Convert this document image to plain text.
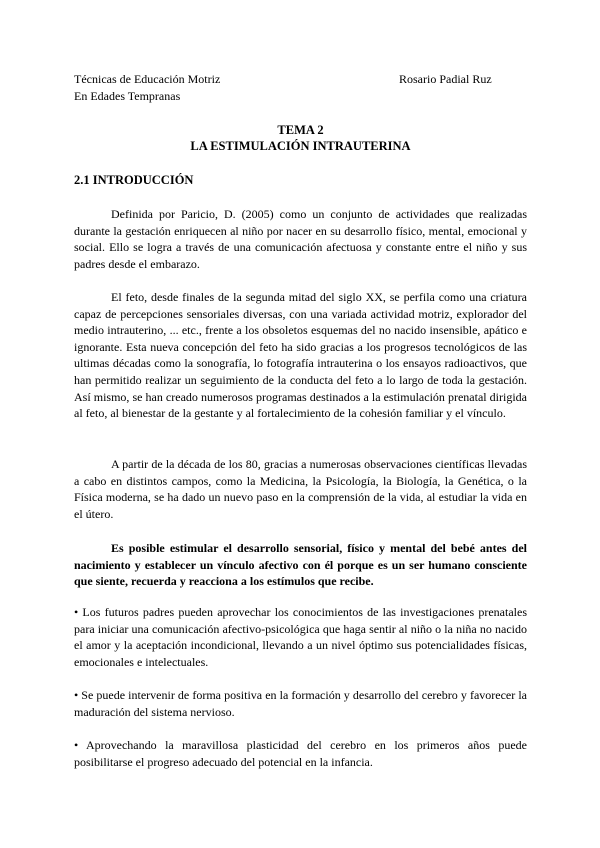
Técnicas de Educación Motriz
En Edades Tempranas
Rosario Padial Ruz
TEMA 2
LA ESTIMULACIÓN INTRAUTERINA
2.1 INTRODUCCIÓN

Definida por Paricio, D. (2005) como un conjunto de actividades que realizadas durante la gestación enriquecen al niño por nacer en su desarrollo físico, mental, emocional y social. Ello se logra a través de una comunicación afectuosa y constante entre el niño y sus padres desde el embarazo.

El feto, desde finales de la segunda mitad del siglo XX, se perfila como una criatura capaz de percepciones sensoriales diversas, con una variada actividad motriz, explorador del medio intrauterino, ... etc., frente a los obsoletos esquemas del no nacido insensible, apático e ignorante. Esta nueva concepción del feto ha sido gracias a los progresos tecnológicos de las ultimas décadas como la sonografía, lo fotografía intrauterina o los ensayos radioactivos, que han permitido realizar un seguimiento de la conducta del feto a lo largo de toda la gestación. Así mismo, se han creado numerosos programas destinados a la estimulación prenatal dirigida al feto, al bienestar de la gestante y al fortalecimiento de la cohesión familiar y el vínculo.

A partir de la década de los 80, gracias a numerosas observaciones científicas llevadas a cabo en distintos campos, como la Medicina, la Psicología, la Biología, la Genética, o la Física moderna, se ha dado un nuevo paso en la comprensión de la vida, al estudiar la vida en el útero.

Es posible estimular el desarrollo sensorial, físico y mental del bebé antes del nacimiento y establecer un vínculo afectivo con él porque es un ser humano consciente que siente, recuerda y reacciona a los estímulos que recibe.

• Los futuros padres pueden aprovechar los conocimientos de las investigaciones prenatales para iniciar una comunicación afectivo-psicológica que haga sentir al niño o la niña no nacido el amor y la aceptación incondicional, llevando a un nivel óptimo sus potencialidades físicas, emocionales e intelectuales.

• Se puede intervenir de forma positiva en la formación y desarrollo del cerebro y favorecer la maduración del sistema nervioso.

• Aprovechando la maravillosa plasticidad del cerebro en los primeros años puede posibilitarse el progreso adecuado del potencial en la infancia.
